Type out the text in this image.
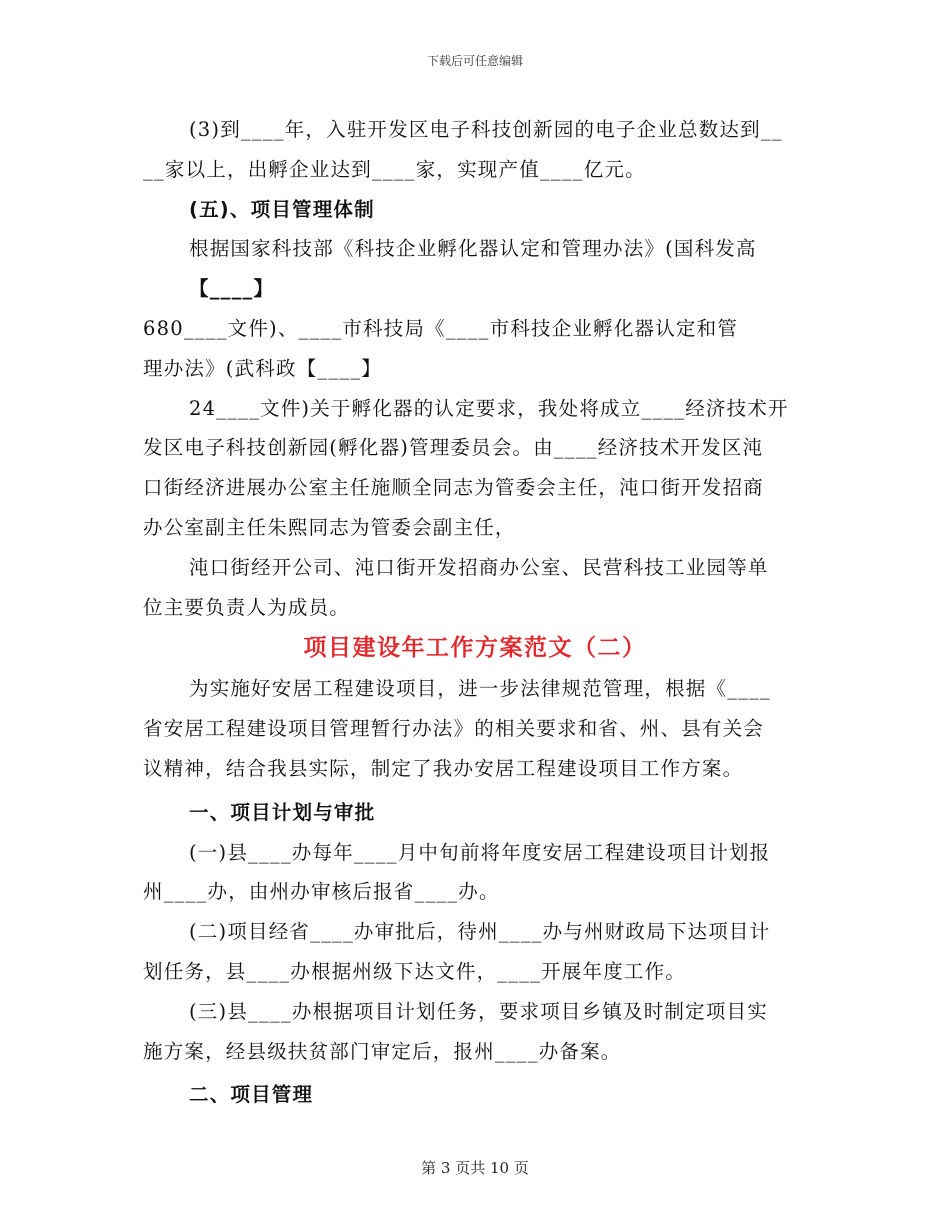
下载后可任意编辑

(3)到____年，入驻开发区电子科技创新园的电子企业总数达到__

__家以上，出孵企业达到____家，实现产值____亿元。

(五)、项目管理体制

根据国家科技部《科技企业孵化器认定和管理办法》(国科发高

【____】

680____文件)、____市科技局《____市科技企业孵化器认定和管

理办法》(武科政【____】

24____文件)关于孵化器的认定要求，我处将成立____经济技术开

发区电子科技创新园(孵化器)管理委员会。由____经济技术开发区沌

口街经济进展办公室主任施顺全同志为管委会主任，沌口街开发招商

办公室副主任朱熙同志为管委会副主任，

沌口街经开公司、沌口街开发招商办公室、民营科技工业园等单

位主要负责人为成员。

项目建设年工作方案范文（二）

为实施好安居工程建设项目，进一步法律规范管理，根据《____

省安居工程建设项目管理暂行办法》的相关要求和省、州、县有关会

议精神，结合我县实际，制定了我办安居工程建设项目工作方案。

一、项目计划与审批

(一)县____办每年____月中旬前将年度安居工程建设项目计划报

州____办，由州办审核后报省____办。

(二)项目经省____办审批后，待州____办与州财政局下达项目计

划任务，县____办根据州级下达文件，____开展年度工作。

(三)县____办根据项目计划任务，要求项目乡镇及时制定项目实

施方案，经县级扶贫部门审定后，报州____办备案。

二、项目管理

第 3 页共 10 页
